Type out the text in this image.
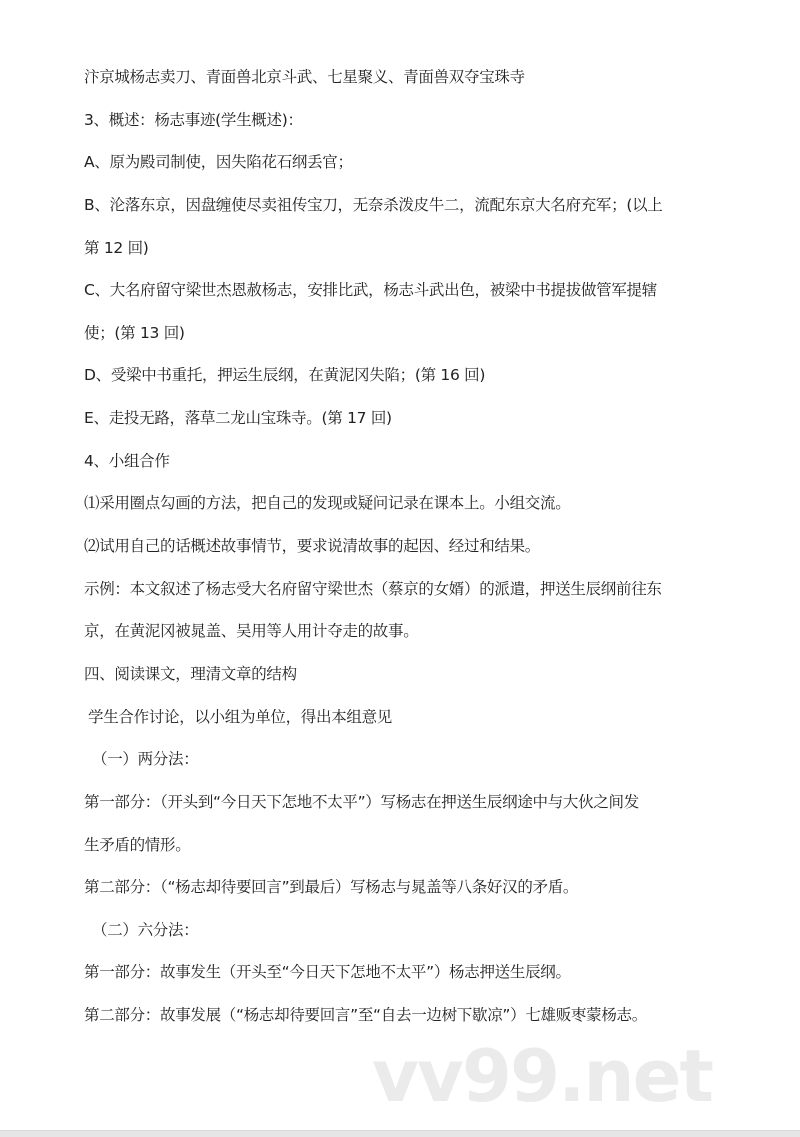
vv99.net
汴京城杨志卖刀、青面兽北京斗武、七星聚义、青面兽双夺宝珠寺
3、概述：杨志事迹(学生概述)：
A、原为殿司制使，因失陷花石纲丢官；
B、沦落东京，因盘缠使尽卖祖传宝刀，无奈杀泼皮牛二，流配东京大名府充军；(以上
第 12 回)
C、大名府留守梁世杰恩赦杨志，安排比武，杨志斗武出色，被梁中书提拔做管军提辖
使；(第 13 回)
D、受梁中书重托，押运生辰纲，在黄泥冈失陷；(第 16 回)
E、走投无路，落草二龙山宝珠寺。(第 17 回)
4、小组合作
⑴采用圈点勾画的方法，把自己的发现或疑问记录在课本上。小组交流。
⑵试用自己的话概述故事情节，要求说清故事的起因、经过和结果。
示例：本文叙述了杨志受大名府留守梁世杰（蔡京的女婿）的派遣，押送生辰纲前往东
京，在黄泥冈被晁盖、吴用等人用计夺走的故事。
四、阅读课文，理清文章的结构
学生合作讨论，以小组为单位，得出本组意见
（一）两分法：
第一部分：（开头到“今日天下怎地不太平”）写杨志在押送生辰纲途中与大伙之间发
生矛盾的情形。
第二部分：（“杨志却待要回言”到最后）写杨志与晁盖等八条好汉的矛盾。
（二）六分法：
第一部分：故事发生（开头至“今日天下怎地不太平”）杨志押送生辰纲。
第二部分：故事发展（“杨志却待要回言”至“自去一边树下歇凉”）七雄贩枣蒙杨志。
